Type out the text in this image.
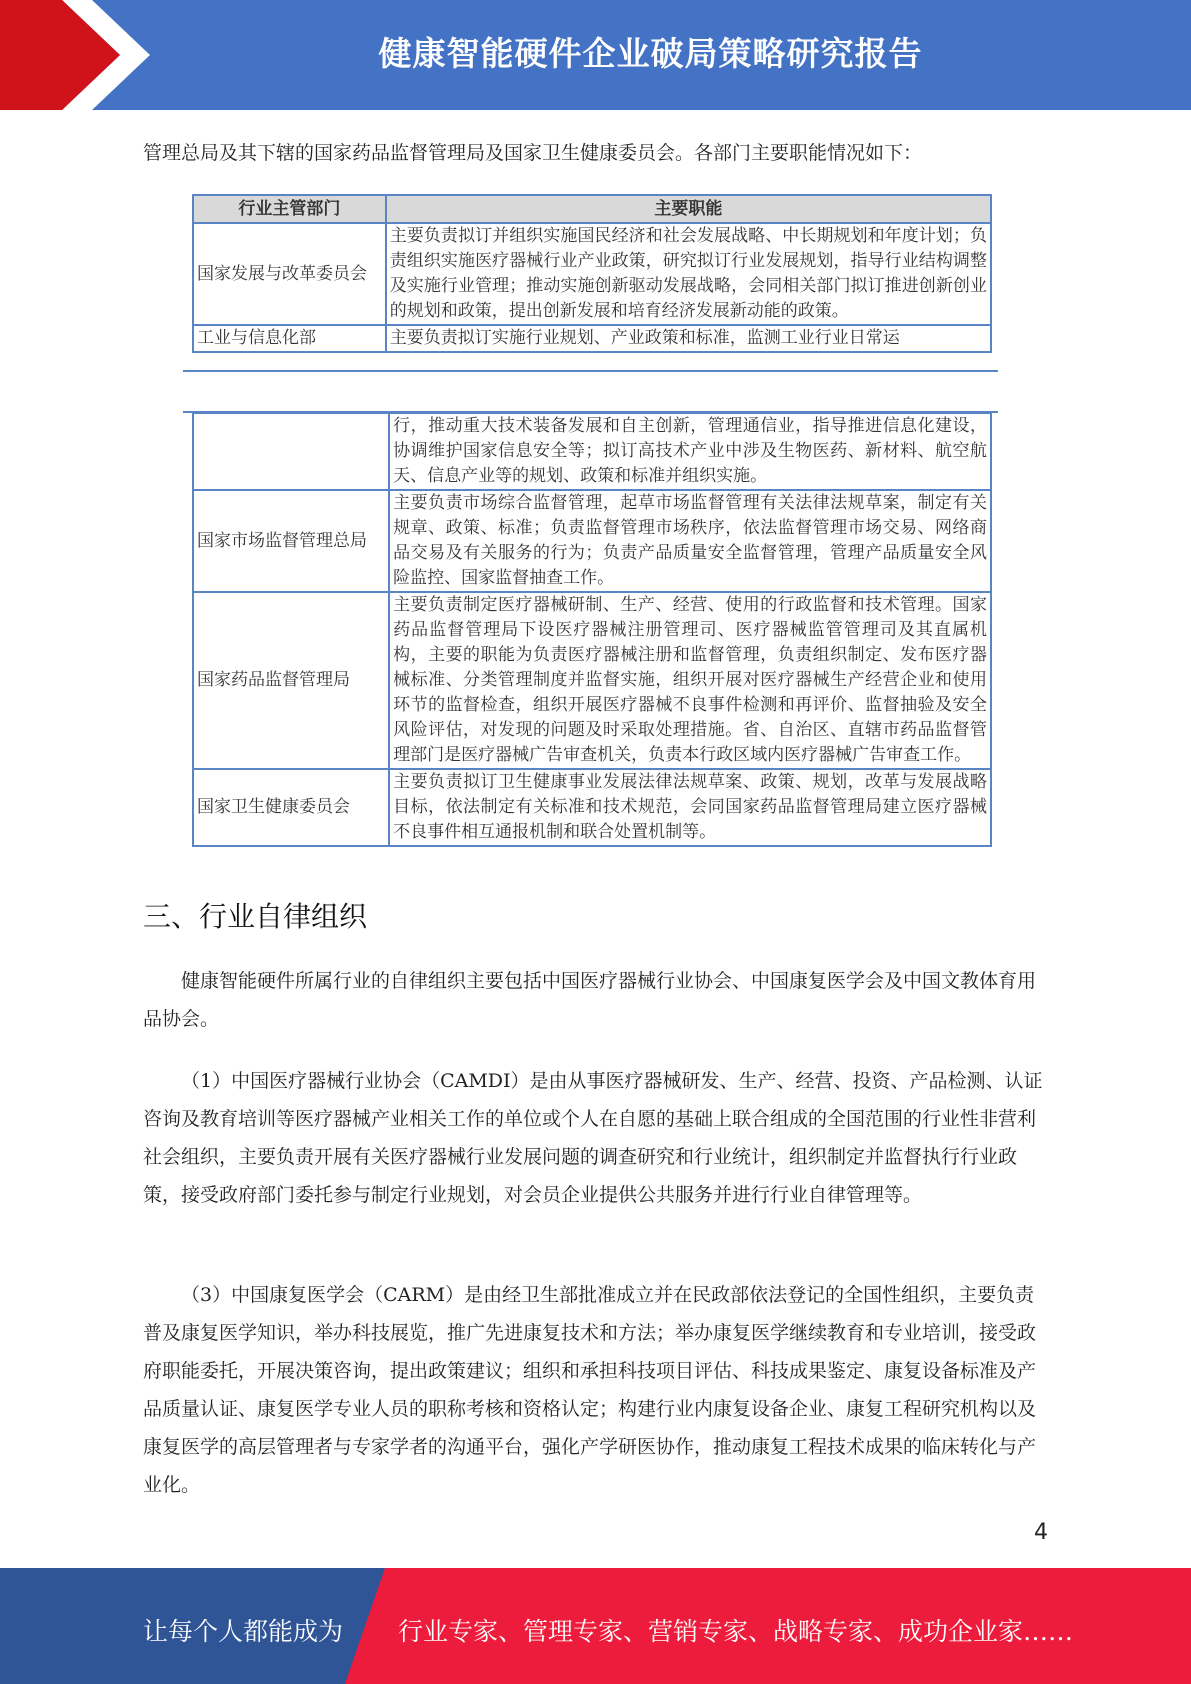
健康智能硬件企业破局策略研究报告
管理总局及其下辖的国家药品监督管理局及国家卫生健康委员会。各部门主要职能情况如下：
行业主管部门	主要职能
国家发展与改革委员会	主要负责拟订并组织实施国民经济和社会发展战略、中长期规划和年度计划；负责组织实施医疗器械行业产业政策，研究拟订行业发展规划，指导行业结构调整及实施行业管理；推动实施创新驱动发展战略，会同相关部门拟订推进创新创业的规划和政策，提出创新发展和培育经济发展新动能的政策。
工业与信息化部	主要负责拟订实施行业规划、产业政策和标准，监测工业行业日常运
	行，推动重大技术装备发展和自主创新，管理通信业，指导推进信息化建设，协调维护国家信息安全等；拟订高技术产业中涉及生物医药、新材料、航空航天、信息产业等的规划、政策和标准并组织实施。
国家市场监督管理总局	主要负责市场综合监督管理，起草市场监督管理有关法律法规草案，制定有关规章、政策、标准；负责监督管理市场秩序，依法监督管理市场交易、网络商品交易及有关服务的行为；负责产品质量安全监督管理，管理产品质量安全风险监控、国家监督抽查工作。
国家药品监督管理局	主要负责制定医疗器械研制、生产、经营、使用的行政监督和技术管理。国家药品监督管理局下设医疗器械注册管理司、医疗器械监管管理司及其直属机构，主要的职能为负责医疗器械注册和监督管理，负责组织制定、发布医疗器械标准、分类管理制度并监督实施，组织开展对医疗器械生产经营企业和使用环节的监督检查，组织开展医疗器械不良事件检测和再评价、监督抽验及安全风险评估，对发现的问题及时采取处理措施。省、自治区、直辖市药品监督管理部门是医疗器械广告审查机关，负责本行政区域内医疗器械广告审查工作。
国家卫生健康委员会	主要负责拟订卫生健康事业发展法律法规草案、政策、规划，改革与发展战略目标，依法制定有关标准和技术规范，会同国家药品监督管理局建立医疗器械不良事件相互通报机制和联合处置机制等。
三、行业自律组织
健康智能硬件所属行业的自律组织主要包括中国医疗器械行业协会、中国康复医学会及中国文教体育用品协会。
（1）中国医疗器械行业协会（CAMDI）是由从事医疗器械研发、生产、经营、投资、产品检测、认证咨询及教育培训等医疗器械产业相关工作的单位或个人在自愿的基础上联合组成的全国范围的行业性非营利社会组织，主要负责开展有关医疗器械行业发展问题的调查研究和行业统计，组织制定并监督执行行业政策，接受政府部门委托参与制定行业规划，对会员企业提供公共服务并进行行业自律管理等。
（3）中国康复医学会（CARM）是由经卫生部批准成立并在民政部依法登记的全国性组织，主要负责普及康复医学知识，举办科技展览，推广先进康复技术和方法；举办康复医学继续教育和专业培训，接受政府职能委托，开展决策咨询，提出政策建议；组织和承担科技项目评估、科技成果鉴定、康复设备标准及产品质量认证、康复医学专业人员的职称考核和资格认定；构建行业内康复设备企业、康复工程研究机构以及康复医学的高层管理者与专家学者的沟通平台，强化产学研医协作，推动康复工程技术成果的临床转化与产业化。
4
让每个人都能成为 行业专家、管理专家、营销专家、战略专家、成功企业家……
